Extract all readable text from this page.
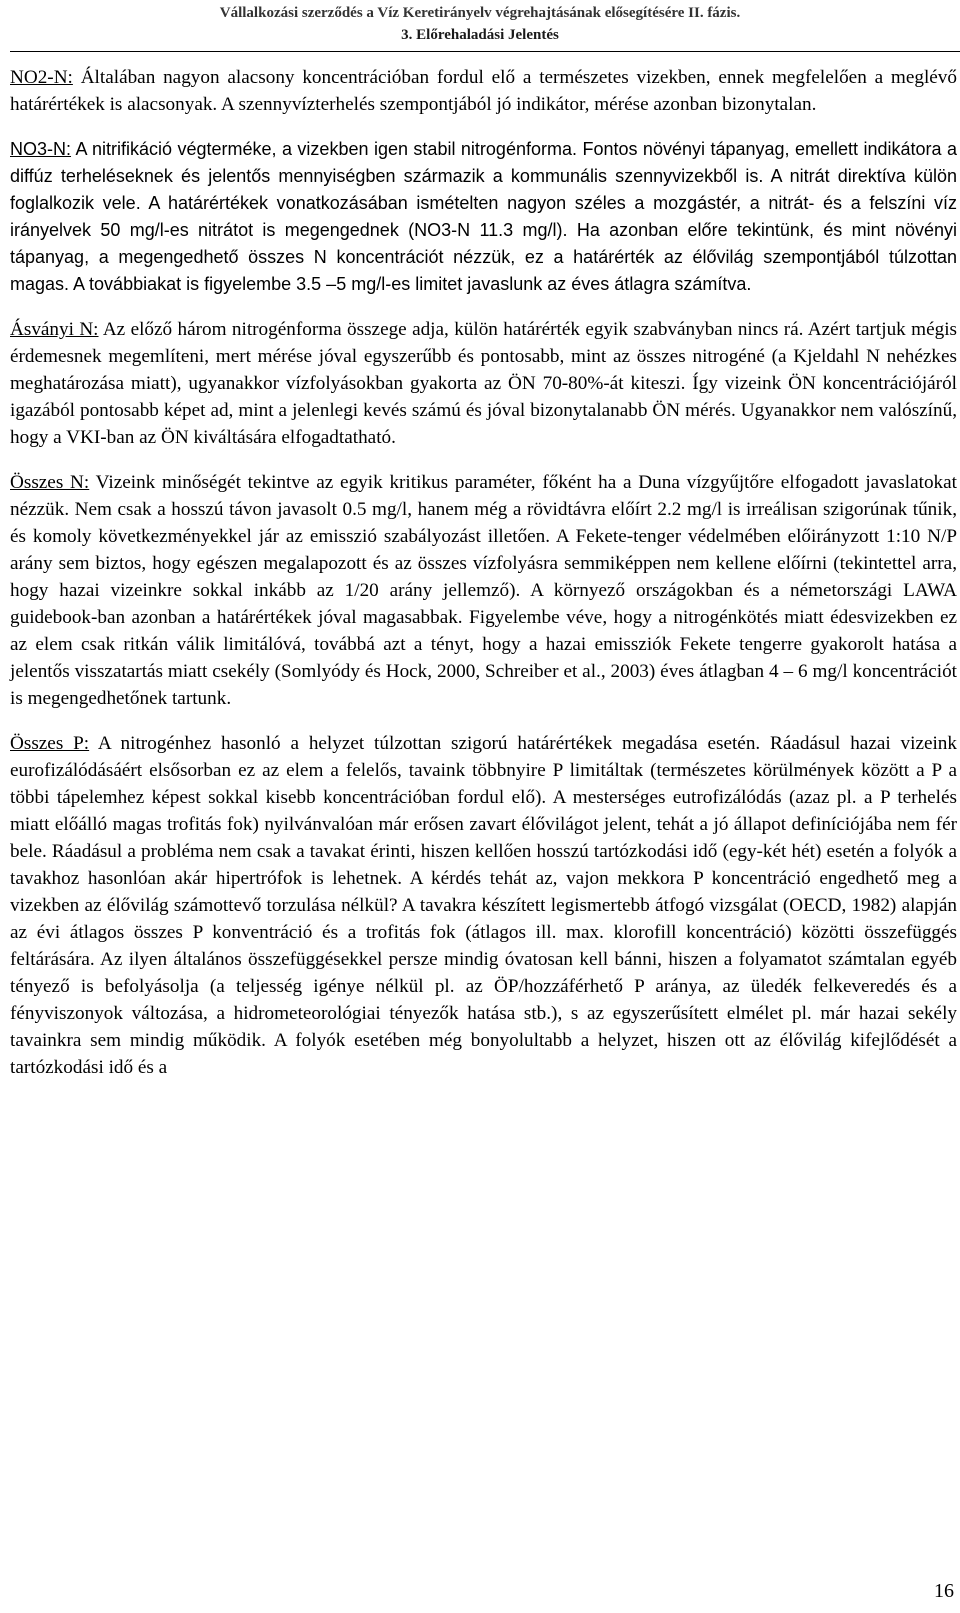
Vállalkozási szerződés a Víz Keretirányelv végrehajtásának elősegítésére II. fázis.
3. Előrehaladási Jelentés

NO2-N: Általában nagyon alacsony koncentrációban fordul elő a természetes vizekben, ennek megfelelően a meglévő határértékek is alacsonyak. A szennyvízterhelés szempontjából jó indikátor, mérése azonban bizonytalan.

NO3-N: A nitrifikáció végterméke, a vizekben igen stabil nitrogénforma. Fontos növényi tápanyag, emellett indikátora a diffúz terheléseknek és jelentős mennyiségben származik a kommunális szennyvizekből is. A nitrát direktíva külön foglalkozik vele. A határértékek vonatkozásában ismételten nagyon széles a mozgástér, a nitrát- és a felszíni víz irányelvek 50 mg/l-es nitrátot is megengednek (NO3-N 11.3 mg/l). Ha azonban előre tekintünk, és mint növényi tápanyag, a megengedhető összes N koncentrációt nézzük, ez a határérték az élővilág szempontjából túlzottan magas. A továbbiakat is figyelembe 3.5 –5 mg/l-es limitet javaslunk az éves átlagra számítva.

Ásványi N: Az előző három nitrogénforma összege adja, külön határérték egyik szabványban nincs rá. Azért tartjuk mégis érdemesnek megemlíteni, mert mérése jóval egyszerűbb és pontosabb, mint az összes nitrogéné (a Kjeldahl N nehézkes meghatározása miatt), ugyanakkor vízfolyásokban gyakorta az ÖN 70-80%-át kiteszi. Így vizeink ÖN koncentrációjáról igazából pontosabb képet ad, mint a jelenlegi kevés számú és jóval bizonytalanabb ÖN mérés. Ugyanakkor nem valószínű, hogy a VKI-ban az ÖN kiváltására elfogadtatható.

Összes N: Vizeink minőségét tekintve az egyik kritikus paraméter, főként ha a Duna vízgyűjtőre elfogadott javaslatokat nézzük. Nem csak a hosszú távon javasolt 0.5 mg/l, hanem még a rövidtávra előírt 2.2 mg/l is irreálisan szigorúnak tűnik, és komoly következményekkel jár az emisszió szabályozást illetően. A Fekete-tenger védelmében előirányzott 1:10 N/P arány sem biztos, hogy egészen megalapozott és az összes vízfolyásra semmiképpen nem kellene előírni (tekintettel arra, hogy hazai vizeinkre sokkal inkább az 1/20 arány jellemző). A környező országokban és a németországi LAWA guidebook-ban azonban a határértékek jóval magasabbak. Figyelembe véve, hogy a nitrogénkötés miatt édesvizekben ez az elem csak ritkán válik limitálóvá, továbbá azt a tényt, hogy a hazai emissziók Fekete tengerre gyakorolt hatása a jelentős visszatartás miatt csekély (Somlyódy és Hock, 2000, Schreiber et al., 2003) éves átlagban 4 – 6 mg/l koncentrációt is megengedhetőnek tartunk.

Összes P: A nitrogénhez hasonló a helyzet túlzottan szigorú határértékek megadása esetén. Ráadásul hazai vizeink eurofizálódásáért elsősorban ez az elem a felelős, tavaink többnyire P limitáltak (természetes körülmények között a P a többi tápelemhez képest sokkal kisebb koncentrációban fordul elő). A mesterséges eutrofizálódás (azaz pl. a P terhelés miatt előálló magas trofitás fok) nyilvánvalóan már erősen zavart élővilágot jelent, tehát a jó állapot definíciójába nem fér bele. Ráadásul a probléma nem csak a tavakat érinti, hiszen kellően hosszú tartózkodási idő (egy-két hét) esetén a folyók a tavakhoz hasonlóan akár hipertrófok is lehetnek. A kérdés tehát az, vajon mekkora P koncentráció engedhető meg a vizekben az élővilág számottevő torzulása nélkül? A tavakra készített legismertebb átfogó vizsgálat (OECD, 1982) alapján az évi átlagos összes P konventráció és a trofitás fok (átlagos ill. max. klorofill koncentráció) közötti összefüggés feltárására. Az ilyen általános összefüggésekkel persze mindig óvatosan kell bánni, hiszen a folyamatot számtalan egyéb tényező is befolyásolja (a teljesség igénye nélkül pl. az ÖP/hozzáférhető P aránya, az üledék felkeveredés és a fényviszonyok változása, a hidrometeorológiai tényezők hatása stb.), s az egyszerűsített elmélet pl. már hazai sekély tavainkra sem mindig működik. A folyók esetében még bonyolultabb a helyzet, hiszen ott az élővilág kifejlődését a tartózkodási idő és a

16
